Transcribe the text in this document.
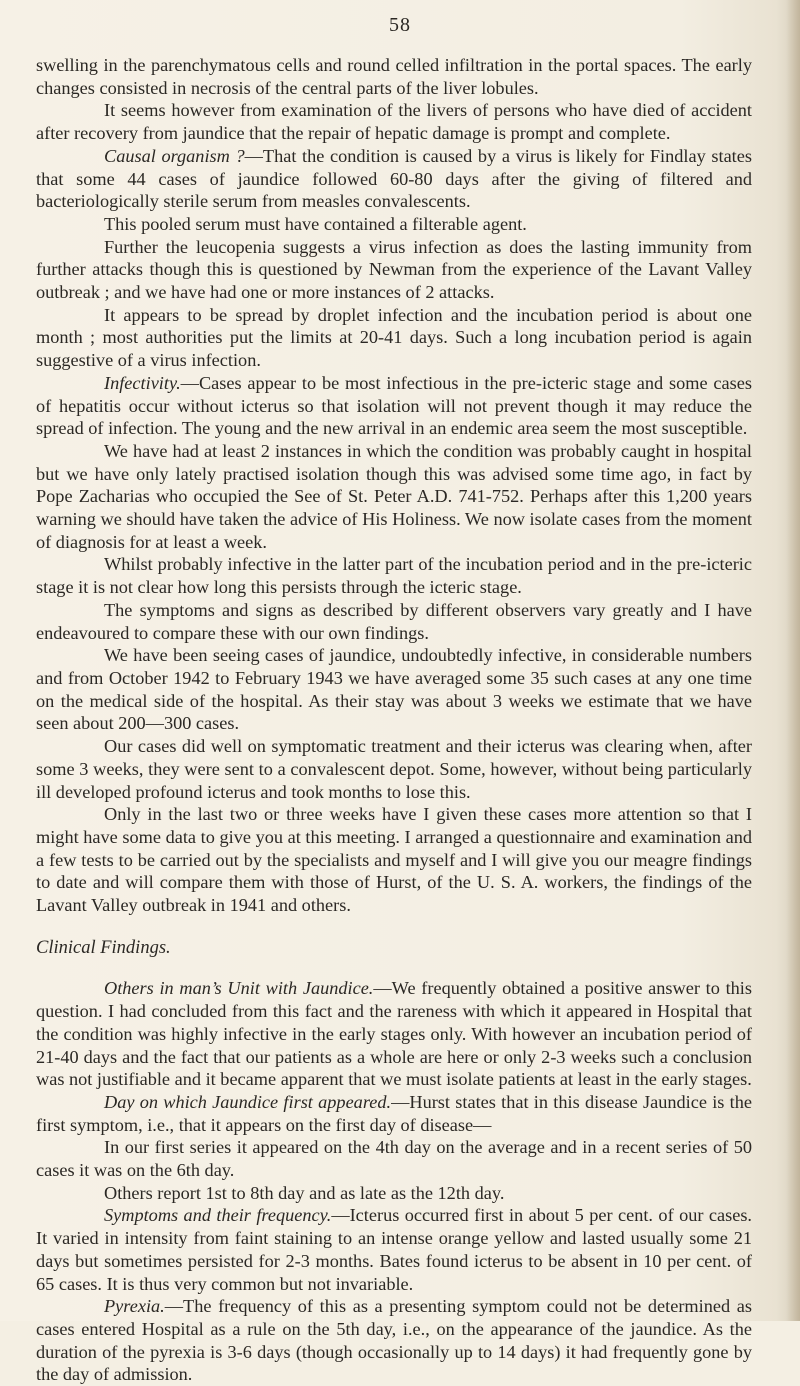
58

swelling in the parenchymatous cells and round celled infiltration in the portal spaces. The early changes consisted in necrosis of the central parts of the liver lobules.

It seems however from examination of the livers of persons who have died of accident after recovery from jaundice that the repair of hepatic damage is prompt and complete.

Causal organism ?—That the condition is caused by a virus is likely for Findlay states that some 44 cases of jaundice followed 60-80 days after the giving of filtered and bacteriologically sterile serum from measles convalescents.

This pooled serum must have contained a filterable agent.

Further the leucopenia suggests a virus infection as does the lasting immunity from further attacks though this is questioned by Newman from the experience of the Lavant Valley outbreak ; and we have had one or more instances of 2 attacks.

It appears to be spread by droplet infection and the incubation period is about one month ; most authorities put the limits at 20-41 days. Such a long incubation period is again suggestive of a virus infection.

Infectivity.—Cases appear to be most infectious in the pre-icteric stage and some cases of hepatitis occur without icterus so that isolation will not prevent though it may reduce the spread of infection. The young and the new arrival in an endemic area seem the most susceptible.

We have had at least 2 instances in which the condition was probably caught in hospital but we have only lately practised isolation though this was advised some time ago, in fact by Pope Zacharias who occupied the See of St. Peter A.D. 741-752. Perhaps after this 1,200 years warning we should have taken the advice of His Holiness. We now isolate cases from the moment of diagnosis for at least a week.

Whilst probably infective in the latter part of the incubation period and in the pre-icteric stage it is not clear how long this persists through the icteric stage.

The symptoms and signs as described by different observers vary greatly and I have endeavoured to compare these with our own findings.

We have been seeing cases of jaundice, undoubtedly infective, in considerable numbers and from October 1942 to February 1943 we have averaged some 35 such cases at any one time on the medical side of the hospital. As their stay was about 3 weeks we estimate that we have seen about 200—300 cases.

Our cases did well on symptomatic treatment and their icterus was clearing when, after some 3 weeks, they were sent to a convalescent depot. Some, however, without being particularly ill developed profound icterus and took months to lose this.

Only in the last two or three weeks have I given these cases more attention so that I might have some data to give you at this meeting. I arranged a questionnaire and examination and a few tests to be carried out by the specialists and myself and I will give you our meagre findings to date and will compare them with those of Hurst, of the U. S. A. workers, the findings of the Lavant Valley outbreak in 1941 and others.

Clinical Findings.

Others in man’s Unit with Jaundice.—We frequently obtained a positive answer to this question. I had concluded from this fact and the rareness with which it appeared in Hospital that the condition was highly infective in the early stages only. With however an incubation period of 21-40 days and the fact that our patients as a whole are here or only 2-3 weeks such a conclusion was not justifiable and it became apparent that we must isolate patients at least in the early stages.

Day on which Jaundice first appeared.—Hurst states that in this disease Jaundice is the first symptom, i.e., that it appears on the first day of disease—

In our first series it appeared on the 4th day on the average and in a recent series of 50 cases it was on the 6th day.

Others report 1st to 8th day and as late as the 12th day.

Symptoms and their frequency.—Icterus occurred first in about 5 per cent. of our cases. It varied in intensity from faint staining to an intense orange yellow and lasted usually some 21 days but sometimes persisted for 2-3 months. Bates found icterus to be absent in 10 per cent. of 65 cases. It is thus very common but not invariable.

Pyrexia.—The frequency of this as a presenting symptom could not be determined as cases entered Hospital as a rule on the 5th day, i.e., on the appearance of the jaundice. As the duration of the pyrexia is 3-6 days (though occasionally up to 14 days) it had frequently gone by the day of admission.
